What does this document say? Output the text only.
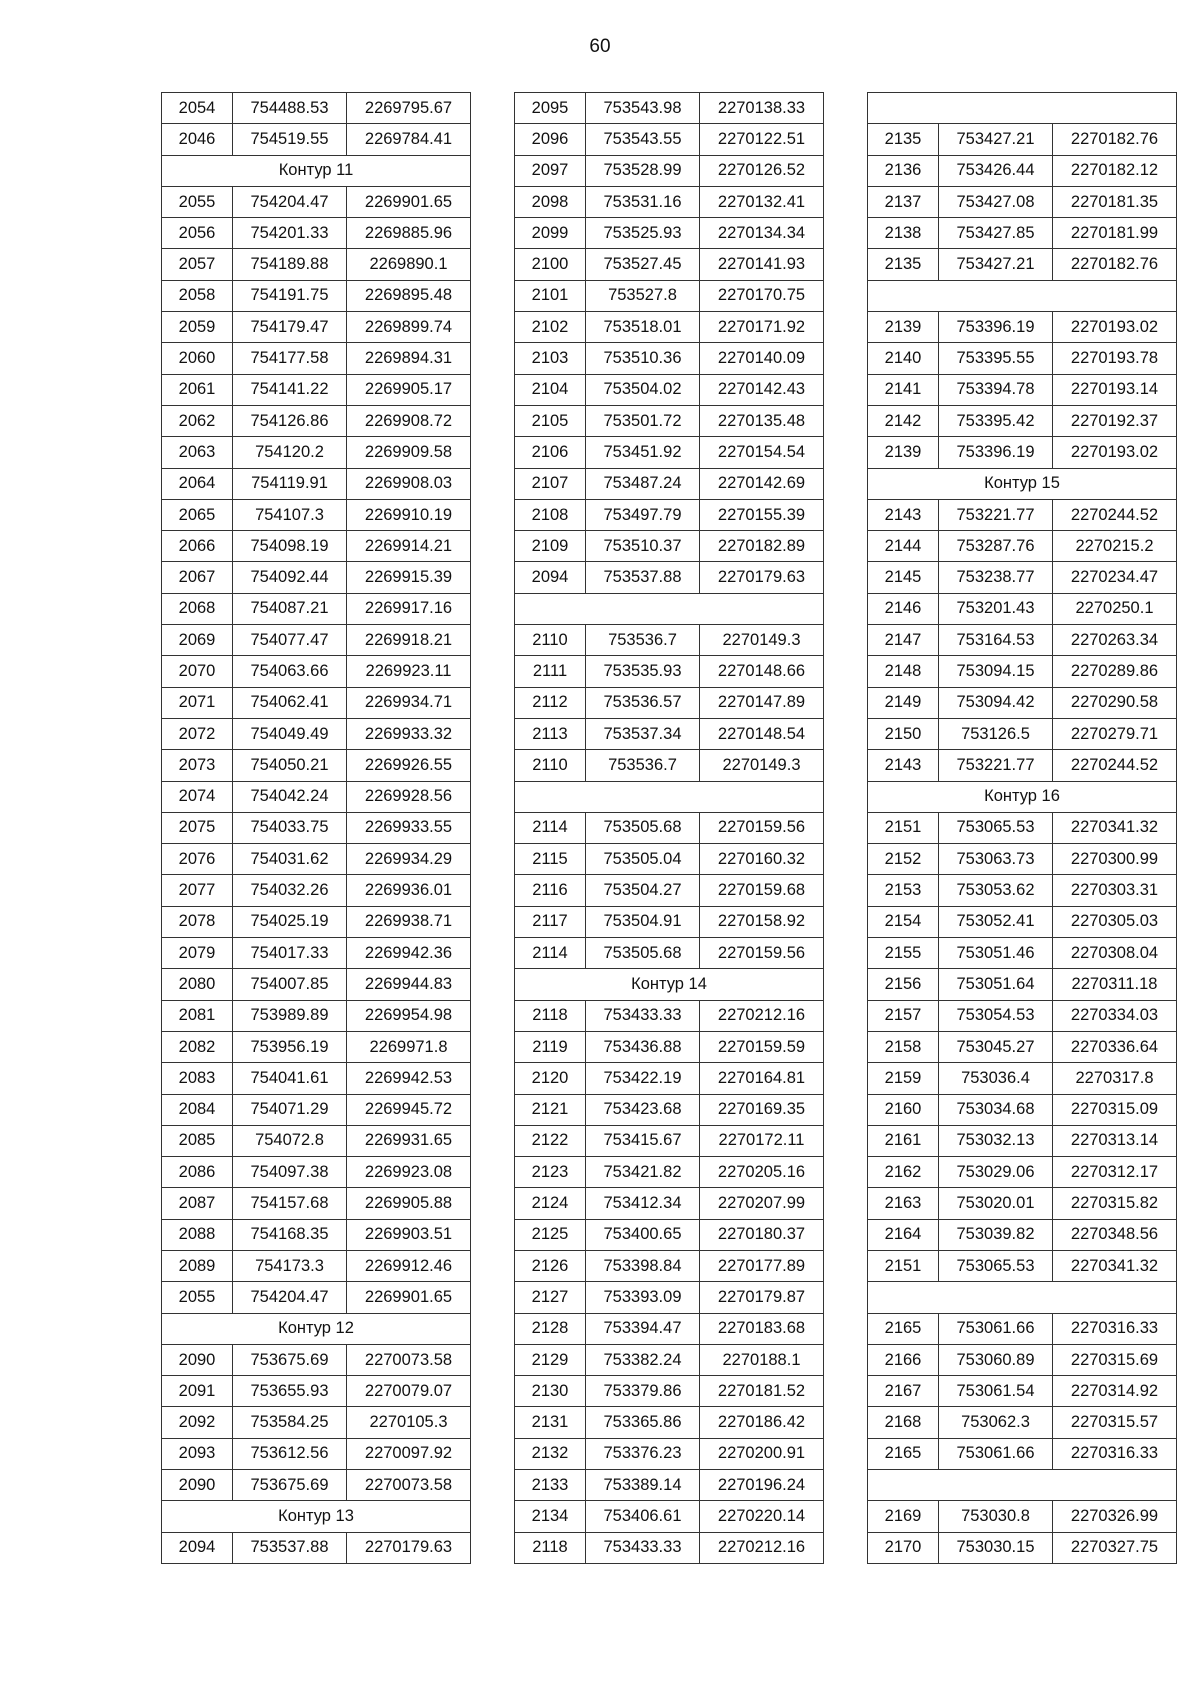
60
2054	754488.53	2269795.67
2046	754519.55	2269784.41
Контур 11		
2055	754204.47	2269901.65
2056	754201.33	2269885.96
2057	754189.88	2269890.1
2058	754191.75	2269895.48
2059	754179.47	2269899.74
2060	754177.58	2269894.31
2061	754141.22	2269905.17
2062	754126.86	2269908.72
2063	754120.2	2269909.58
2064	754119.91	2269908.03
2065	754107.3	2269910.19
2066	754098.19	2269914.21
2067	754092.44	2269915.39
2068	754087.21	2269917.16
2069	754077.47	2269918.21
2070	754063.66	2269923.11
2071	754062.41	2269934.71
2072	754049.49	2269933.32
2073	754050.21	2269926.55
2074	754042.24	2269928.56
2075	754033.75	2269933.55
2076	754031.62	2269934.29
2077	754032.26	2269936.01
2078	754025.19	2269938.71
2079	754017.33	2269942.36
2080	754007.85	2269944.83
2081	753989.89	2269954.98
2082	753956.19	2269971.8
2083	754041.61	2269942.53
2084	754071.29	2269945.72
2085	754072.8	2269931.65
2086	754097.38	2269923.08
2087	754157.68	2269905.88
2088	754168.35	2269903.51
2089	754173.3	2269912.46
2055	754204.47	2269901.65
Контур 12		
2090	753675.69	2270073.58
2091	753655.93	2270079.07
2092	753584.25	2270105.3
2093	753612.56	2270097.92
2090	753675.69	2270073.58
Контур 13		
2094	753537.88	2270179.63
2095	753543.98	2270138.33
2096	753543.55	2270122.51
2097	753528.99	2270126.52
2098	753531.16	2270132.41
2099	753525.93	2270134.34
2100	753527.45	2270141.93
2101	753527.8	2270170.75
2102	753518.01	2270171.92
2103	753510.36	2270140.09
2104	753504.02	2270142.43
2105	753501.72	2270135.48
2106	753451.92	2270154.54
2107	753487.24	2270142.69
2108	753497.79	2270155.39
2109	753510.37	2270182.89
2094	753537.88	2270179.63

2110	753536.7	2270149.3
2111	753535.93	2270148.66
2112	753536.57	2270147.89
2113	753537.34	2270148.54
2110	753536.7	2270149.3

2114	753505.68	2270159.56
2115	753505.04	2270160.32
2116	753504.27	2270159.68
2117	753504.91	2270158.92
2114	753505.68	2270159.56
Контур 14		
2118	753433.33	2270212.16
2119	753436.88	2270159.59
2120	753422.19	2270164.81
2121	753423.68	2270169.35
2122	753415.67	2270172.11
2123	753421.82	2270205.16
2124	753412.34	2270207.99
2125	753400.65	2270180.37
2126	753398.84	2270177.89
2127	753393.09	2270179.87
2128	753394.47	2270183.68
2129	753382.24	2270188.1
2130	753379.86	2270181.52
2131	753365.86	2270186.42
2132	753376.23	2270200.91
2133	753389.14	2270196.24
2134	753406.61	2270220.14
2118	753433.33	2270212.16

2135	753427.21	2270182.76
2136	753426.44	2270182.12
2137	753427.08	2270181.35
2138	753427.85	2270181.99
2135	753427.21	2270182.76

2139	753396.19	2270193.02
2140	753395.55	2270193.78
2141	753394.78	2270193.14
2142	753395.42	2270192.37
2139	753396.19	2270193.02
Контур 15		
2143	753221.77	2270244.52
2144	753287.76	2270215.2
2145	753238.77	2270234.47
2146	753201.43	2270250.1
2147	753164.53	2270263.34
2148	753094.15	2270289.86
2149	753094.42	2270290.58
2150	753126.5	2270279.71
2143	753221.77	2270244.52
Контур 16		
2151	753065.53	2270341.32
2152	753063.73	2270300.99
2153	753053.62	2270303.31
2154	753052.41	2270305.03
2155	753051.46	2270308.04
2156	753051.64	2270311.18
2157	753054.53	2270334.03
2158	753045.27	2270336.64
2159	753036.4	2270317.8
2160	753034.68	2270315.09
2161	753032.13	2270313.14
2162	753029.06	2270312.17
2163	753020.01	2270315.82
2164	753039.82	2270348.56
2151	753065.53	2270341.32

2165	753061.66	2270316.33
2166	753060.89	2270315.69
2167	753061.54	2270314.92
2168	753062.3	2270315.57
2165	753061.66	2270316.33

2169	753030.8	2270326.99
2170	753030.15	2270327.75
